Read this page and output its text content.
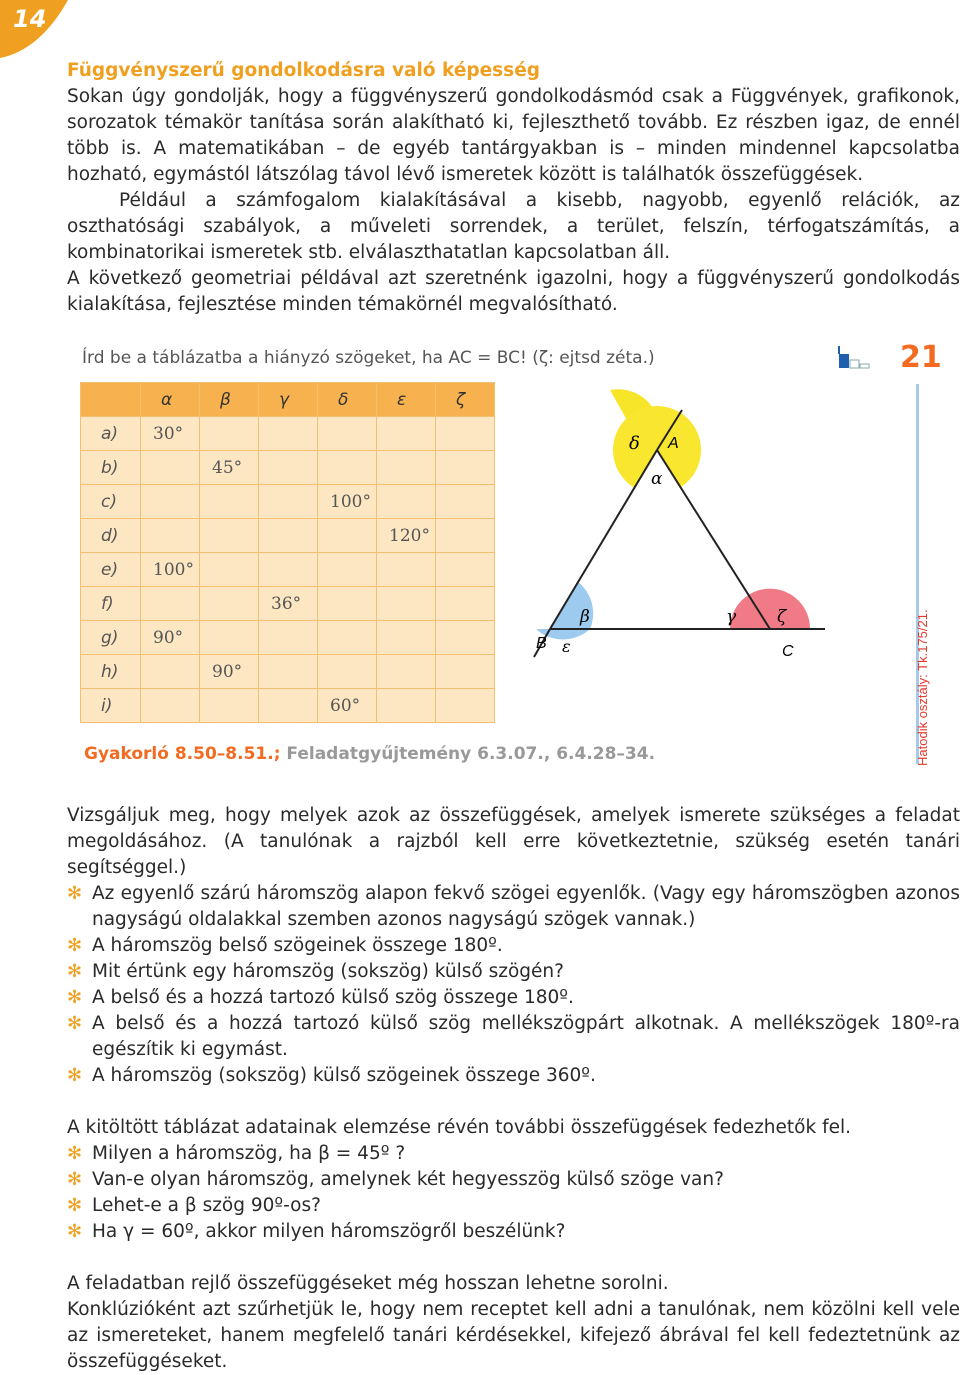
14

Függvényszerű gondolkodásra való képesség

Sokan úgy gondolják, hogy a függvényszerű gondolkodásmód csak a Függvények, grafikonok, sorozatok témakör tanítása során alakítható ki, fejleszthető tovább. Ez részben igaz, de ennél több is. A matematikában – de egyéb tantárgyakban is – minden mindennel kapcsolatba hozható, egymástól látszólag távol lévő ismeretek között is találhatók összefüggések.

Például a számfogalom kialakításával a kisebb, nagyobb, egyenlő relációk, az oszthatósági szabályok, a műveleti sorrendek, a terület, felszín, térfogatszámítás, a kombinatorikai ismeretek stb. elválaszthatatlan kapcsolatban áll.

A következő geometriai példával azt szeretnénk igazolni, hogy a függvényszerű gondolkodás kialakítása, fejlesztése minden témakörnél megvalósítható.

Írd be a táblázatba a hiányzó szögeket, ha AC = BC! (ζ: ejtsd zéta.)	21
Hatodik osztály: Tk.175/21.
	α	β	γ	δ	ε	ζ
a)	30°					
b)		45°				
c)				100°		
d)					120°	
e)	100°					
f)			36°			
g)	90°					
h)		90°				
i)				60°		
Gyakorló 8.50–8.51.; Feladatgyűjtemény 6.3.07., 6.4.28–34.
A
B	C
δ
α
β
ε
γ ζ

Vizsgáljuk meg, hogy melyek azok az összefüggések, amelyek ismerete szükséges a feladat megoldásához. (A tanulónak a rajzból kell erre következtetnie, szükség esetén tanári segítséggel.)

✻ Az egyenlő szárú háromszög alapon fekvő szögei egyenlők. (Vagy egy háromszögben azonos nagyságú oldalakkal szemben azonos nagyságú szögek vannak.)
✻ A háromszög belső szögeinek összege 180º.
✻ Mit értünk egy háromszög (sokszög) külső szögén?
✻ A belső és a hozzá tartozó külső szög összege 180º.
✻ A belső és a hozzá tartozó külső szög mellékszögpárt alkotnak. A mellékszögek 180º-ra egészítik ki egymást.
✻ A háromszög (sokszög) külső szögeinek összege 360º.

A kitöltött táblázat adatainak elemzése révén további összefüggések fedezhetők fel.

✻ Milyen a háromszög, ha β = 45º ?
✻ Van-e olyan háromszög, amelynek két hegyesszög külső szöge van?
✻ Lehet-e a β szög 90º-os?
✻ Ha γ = 60º, akkor milyen háromszögről beszélünk?

A feladatban rejlő összefüggéseket még hosszan lehetne sorolni.

Konklúzióként azt szűrhetjük le, hogy nem receptet kell adni a tanulónak, nem közölni kell vele az ismereteket, hanem megfelelő tanári kérdésekkel, kifejező ábrával fel kell fedeztetnünk az összefüggéseket.
